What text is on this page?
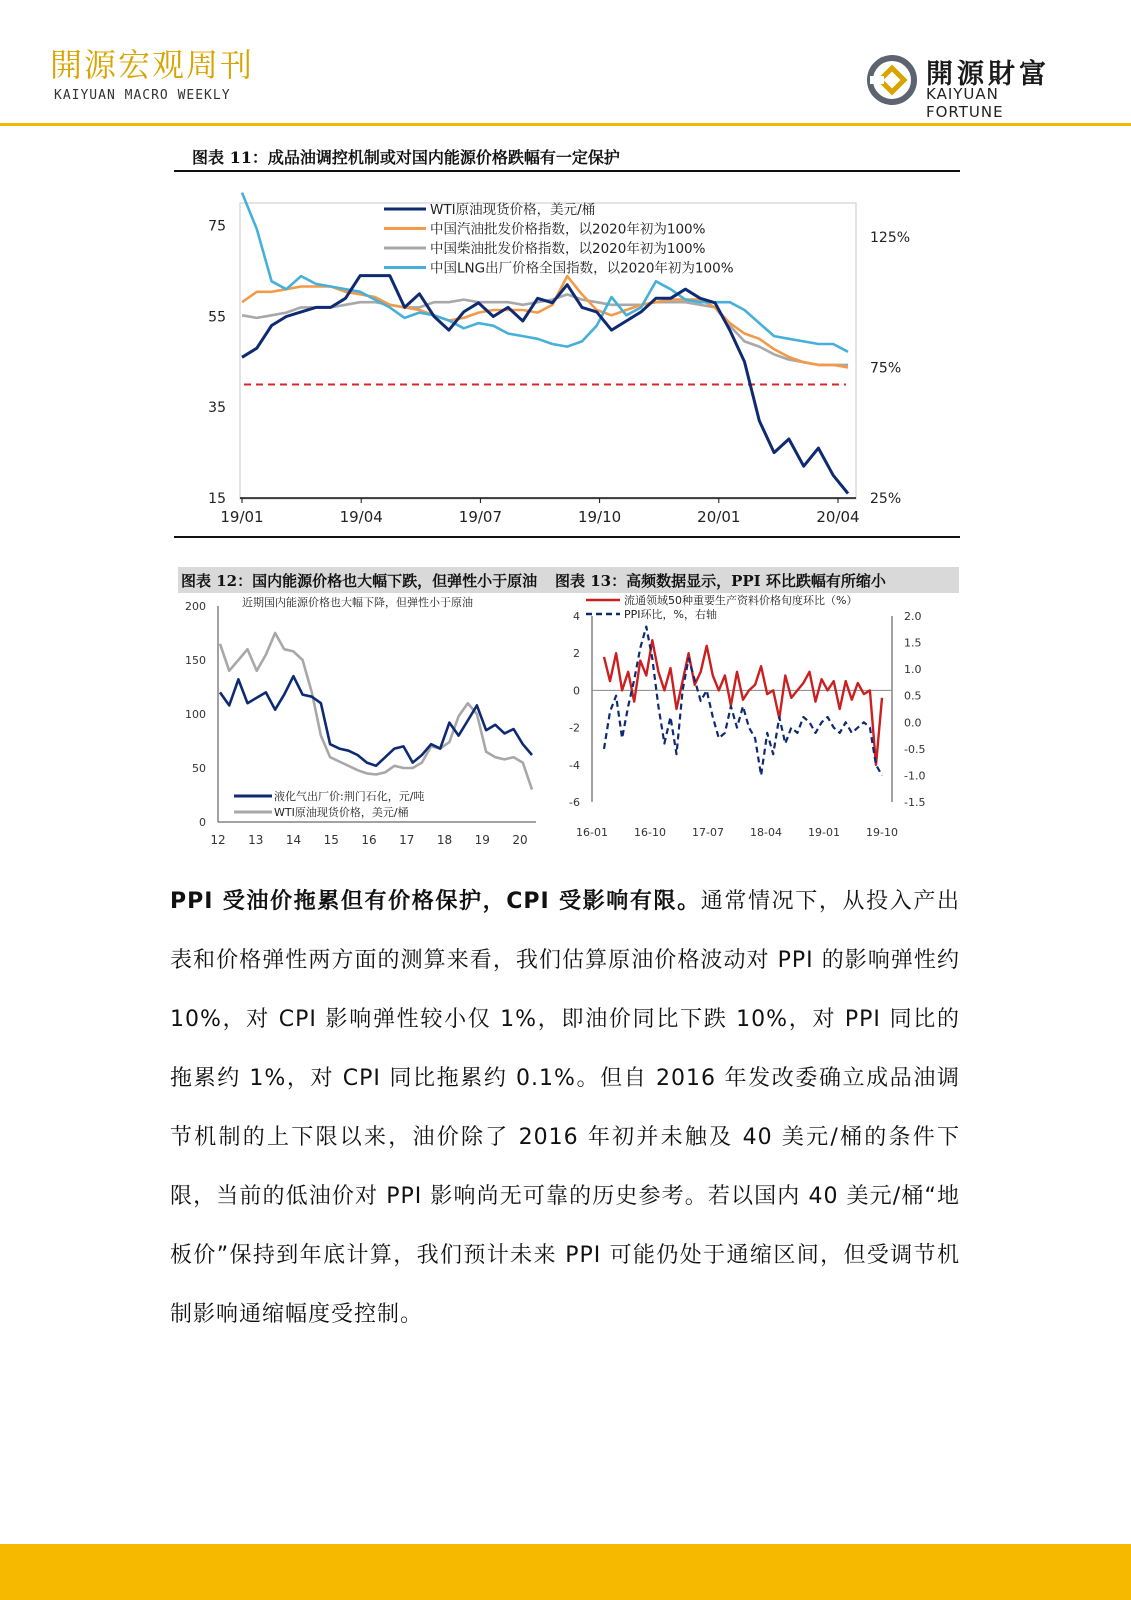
開源宏观周刊
KAIYUAN MACRO WEEKLY
開源財富
KAIYUAN FORTUNE
图表 11：成品油调控机制或对国内能源价格跌幅有一定保护
15
35
55
75
25%
75%
125%
19/01	19/04	19/07	19/10	20/01	20/04
WTI原油现货价格，美元/桶
中国汽油批发价格指数，以2020年初为100%
中国柴油批发价格指数，以2020年初为100%
中国LNG出厂价格全国指数，以2020年初为100%
图表 12：国内能源价格也大幅下跌，但弹性小于原油 图表 13：高频数据显示，PPI 环比跌幅有所缩小
0
50
100
150
200
12 13 14 15 16 17 18 19 20
近期国内能源价格也大幅下降，但弹性小于原油
液化气出厂价:荆门石化，元/吨
WTI原油现货价格，美元/桶
-6
-4
-2
0
2
4
-1.5
-1.0
-0.5
0.0
0.5
1.0
1.5
2.0
16-01 16-10 17-07 18-04 19-01 19-10
流通领域50种重要生产资料价格旬度环比（%）
PPI环比，%，右轴
PPI 受油价拖累但有价格保护，CPI 受影响有限。通常情况下，从投入产出表和价格弹性两方面的测算来看，我们估算原油价格波动对 PPI 的影响弹性约 10%，对 CPI 影响弹性较小仅 1%，即油价同比下跌 10%，对 PPI 同比的拖累约 1%，对 CPI 同比拖累约 0.1%。但自 2016 年发改委确立成品油调节机制的上下限以来，油价除了 2016 年初并未触及 40 美元/桶的条件下限，当前的低油价对 PPI 影响尚无可靠的历史参考。若以国内 40 美元/桶“地板价”保持到年底计算，我们预计未来 PPI 可能仍处于通缩区间，但受调节机制影响通缩幅度受控制。
